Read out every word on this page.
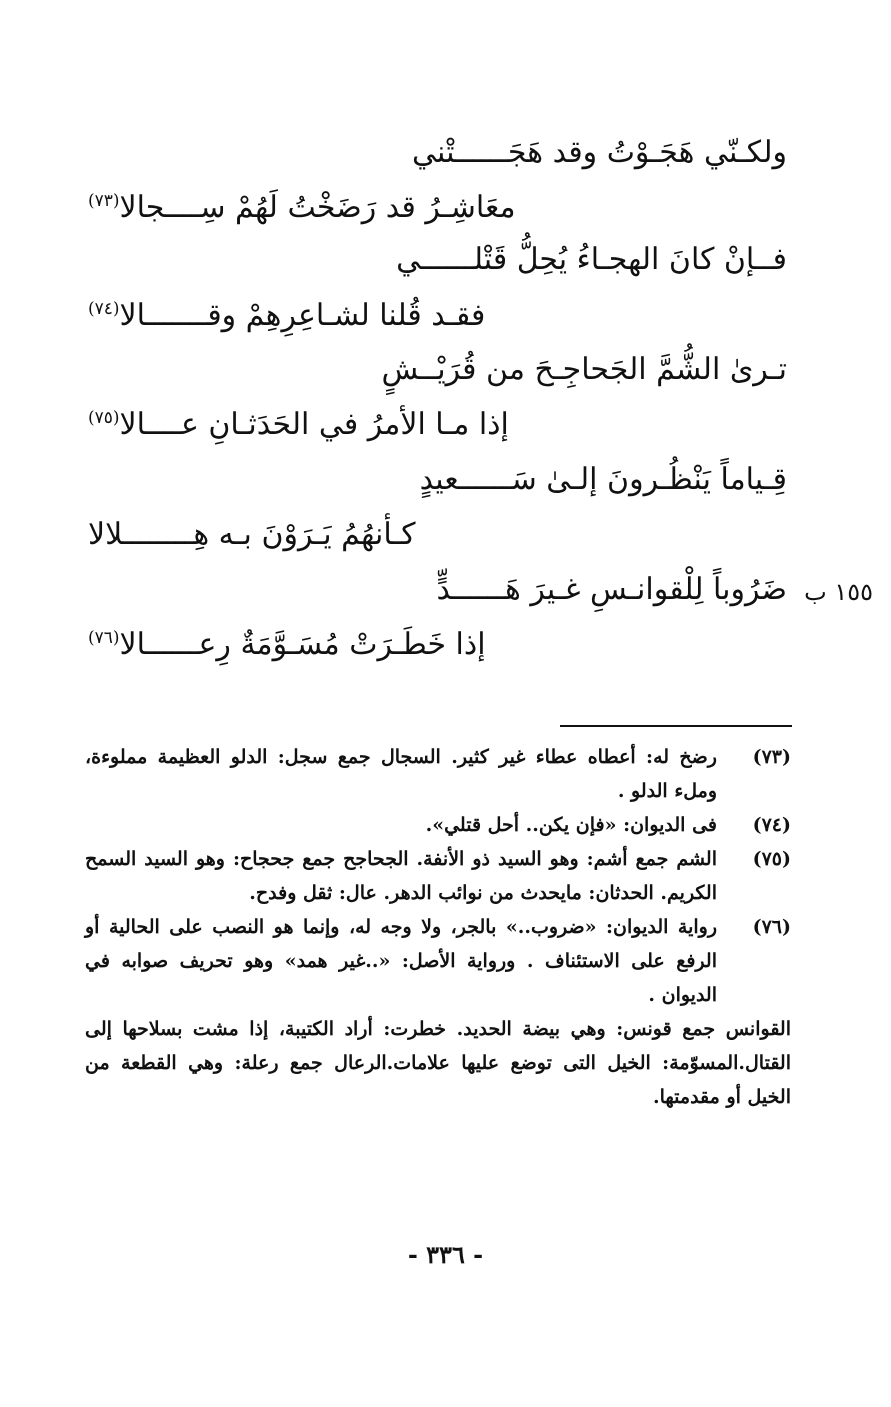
ولكـنّي هَجَـوْتُ وقد هَجَــــــتْني
معَاشِـرُ قد رَضَخْتُ لَهُمْ سِــــجالا$^{(٧٣)}$
فــإنْ كانَ الهجـاءُ يُحِلُّ قَتْلــــــي
فقـد قُلنا لشـاعِرِهِمْ وقـــــــالا$^{(٧٤)}$
تـرىٰ الشُّمَّ الجَحاجِـحَ من قُرَيْــشٍ
إذا مـا الأمرُ في الحَدَثـانِ عــــالا$^{(٧٥)}$
قِـياماً يَنْظُـرونَ إلـىٰ سَــــــعيدٍ
كـأنهُمُ يَـرَوْنَ بـه هِــــــــلالا
ضَرُوباً لِلْقوانـسِ غـيرَ هَــــــدٍّ
إذا خَطَـرَتْ مُسَـوَّمَةٌ رِعــــــالا$^{(٧٦)}$
١٥٥ ب

(٧٣)
رضخ له: أعطاه عطاء غير كثير. السجال جمع سجل: الدلو العظيمة مملوءة، وملء الدلو .

(٧٤)
فى الديوان: «فإن يكن.. أحل قتلي».

(٧٥)
الشم جمع أشم: وهو السيد ذو الأنفة. الجحاجح جمع جحجاح: وهو السيد السمح الكريم. الحدثان: مايحدث من نوائب الدهر. عال: ثقل وفدح.

(٧٦)
رواية الديوان: «ضروب..» بالجر، ولا وجه له، وإنما هو النصب على الحالية أو الرفع على الاستئناف . ورواية الأصل: «..غير همد» وهو تحريف صوابه في الديوان .

القوانس جمع قونس: وهي بيضة الحديد. خطرت: أراد الكتيبة، إذا مشت بسلاحها إلى القتال.المسوّمة: الخيل التى توضع عليها علامات.الرعال جمع رعلة: وهي القطعة من الخيل أو مقدمتها.

- ٣٣٦ -
